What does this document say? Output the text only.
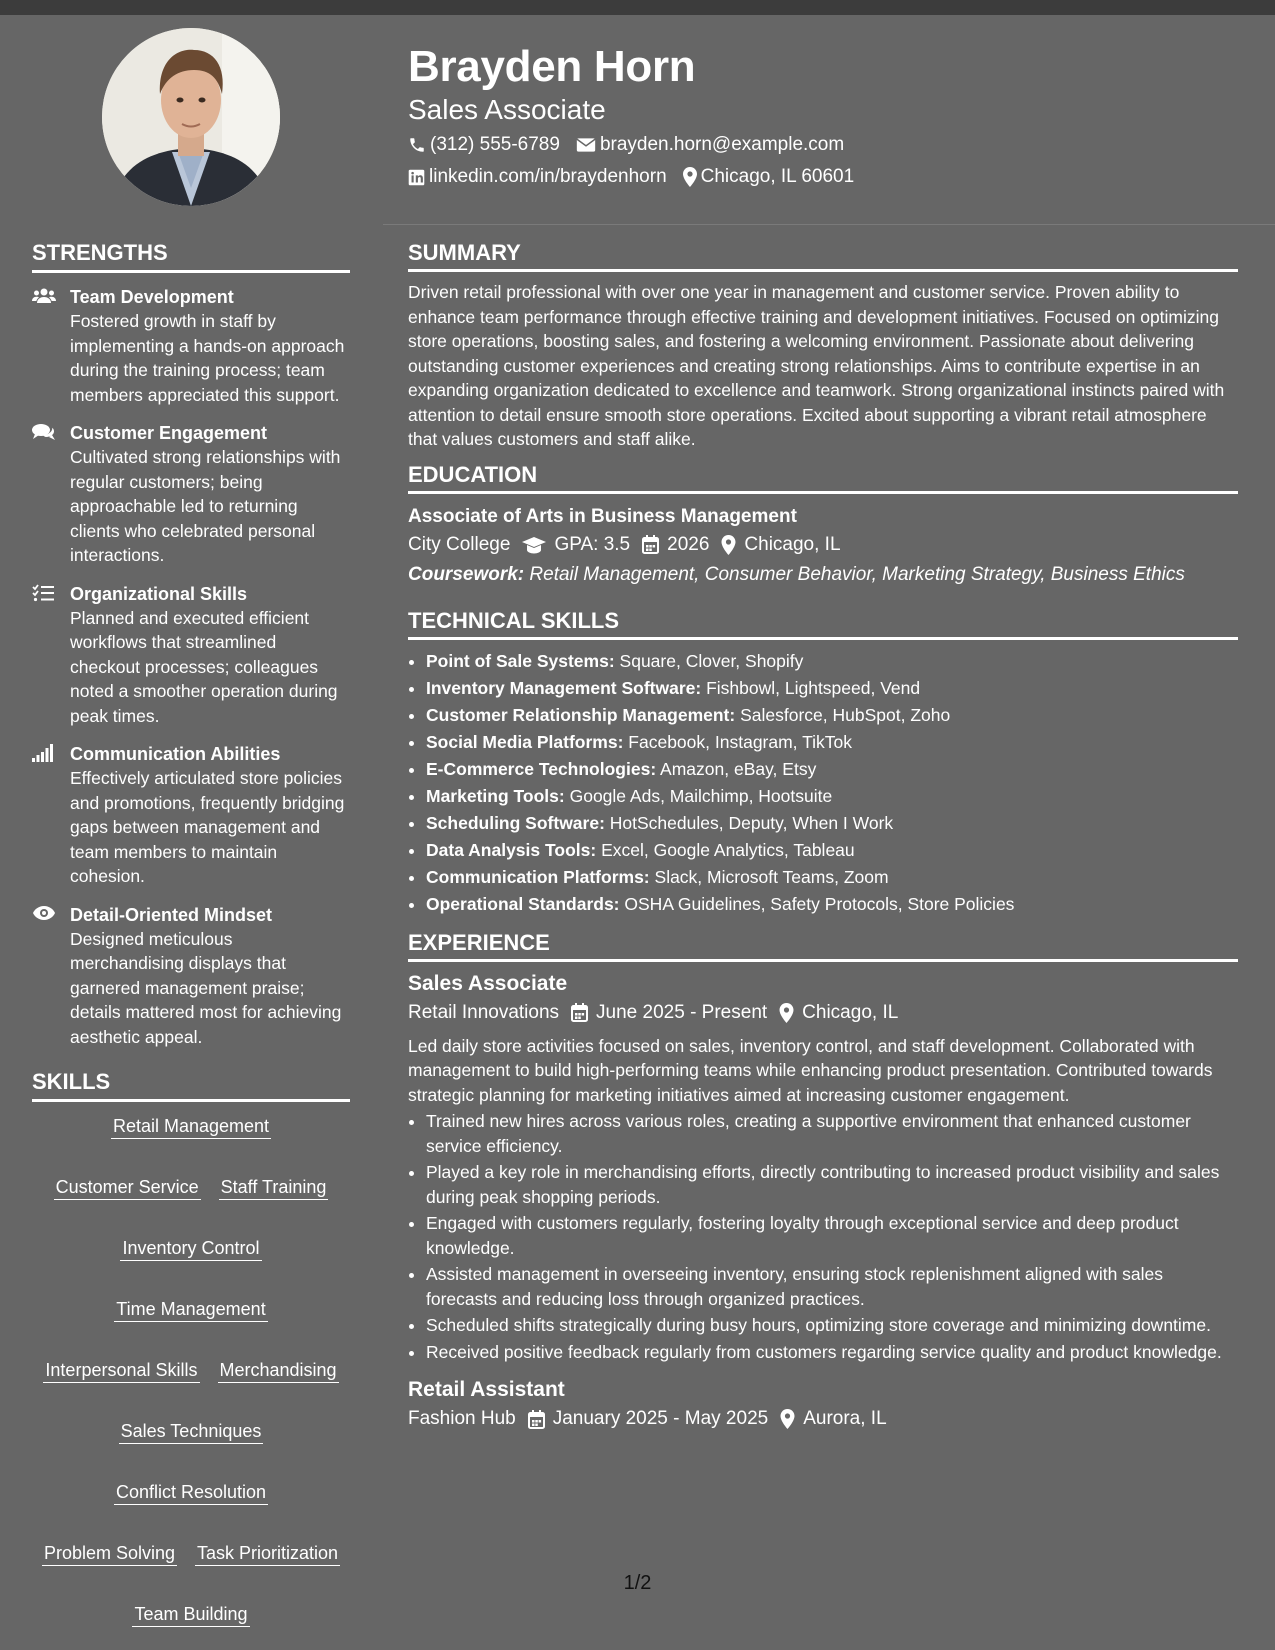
Brayden Horn
Sales Associate
(312) 555-6789 brayden.horn@example.com
linkedin.com/in/braydenhorn Chicago, IL 60601
STRENGTHS
Team Development
Fostered growth in staff by implementing a hands-on approach during the training process; team members appreciated this support.
Customer Engagement
Cultivated strong relationships with regular customers; being approachable led to returning clients who celebrated personal interactions.
Organizational Skills
Planned and executed efficient workflows that streamlined checkout processes; colleagues noted a smoother operation during peak times.
Communication Abilities
Effectively articulated store policies and promotions, frequently bridging gaps between management and team members to maintain cohesion.
Detail-Oriented Mindset
Designed meticulous merchandising displays that garnered management praise; details mattered most for achieving aesthetic appeal.
SKILLS
Retail Management
Customer Service Staff Training
Inventory Control
Time Management
Interpersonal Skills Merchandising
Sales Techniques
Conflict Resolution
Problem Solving Task Prioritization
Team Building
SUMMARY
Driven retail professional with over one year in management and customer service. Proven ability to enhance team performance through effective training and development initiatives. Focused on optimizing store operations, boosting sales, and fostering a welcoming environment. Passionate about delivering outstanding customer experiences and creating strong relationships. Aims to contribute expertise in an expanding organization dedicated to excellence and teamwork. Strong organizational instincts paired with attention to detail ensure smooth store operations. Excited about supporting a vibrant retail atmosphere that values customers and staff alike.
EDUCATION
Associate of Arts in Business Management
City College GPA: 3.5 2026 Chicago, IL
Coursework: Retail Management, Consumer Behavior, Marketing Strategy, Business Ethics
TECHNICAL SKILLS
• Point of Sale Systems: Square, Clover, Shopify
• Inventory Management Software: Fishbowl, Lightspeed, Vend
• Customer Relationship Management: Salesforce, HubSpot, Zoho
• Social Media Platforms: Facebook, Instagram, TikTok
• E-Commerce Technologies: Amazon, eBay, Etsy
• Marketing Tools: Google Ads, Mailchimp, Hootsuite
• Scheduling Software: HotSchedules, Deputy, When I Work
• Data Analysis Tools: Excel, Google Analytics, Tableau
• Communication Platforms: Slack, Microsoft Teams, Zoom
• Operational Standards: OSHA Guidelines, Safety Protocols, Store Policies
EXPERIENCE
Sales Associate
Retail Innovations June 2025 - Present Chicago, IL
Led daily store activities focused on sales, inventory control, and staff development. Collaborated with management to build high-performing teams while enhancing product presentation. Contributed towards strategic planning for marketing initiatives aimed at increasing customer engagement.
• Trained new hires across various roles, creating a supportive environment that enhanced customer service efficiency.
• Played a key role in merchandising efforts, directly contributing to increased product visibility and sales during peak shopping periods.
• Engaged with customers regularly, fostering loyalty through exceptional service and deep product knowledge.
• Assisted management in overseeing inventory, ensuring stock replenishment aligned with sales forecasts and reducing loss through organized practices.
• Scheduled shifts strategically during busy hours, optimizing store coverage and minimizing downtime.
• Received positive feedback regularly from customers regarding service quality and product knowledge.
Retail Assistant
Fashion Hub January 2025 - May 2025 Aurora, IL
1/2
